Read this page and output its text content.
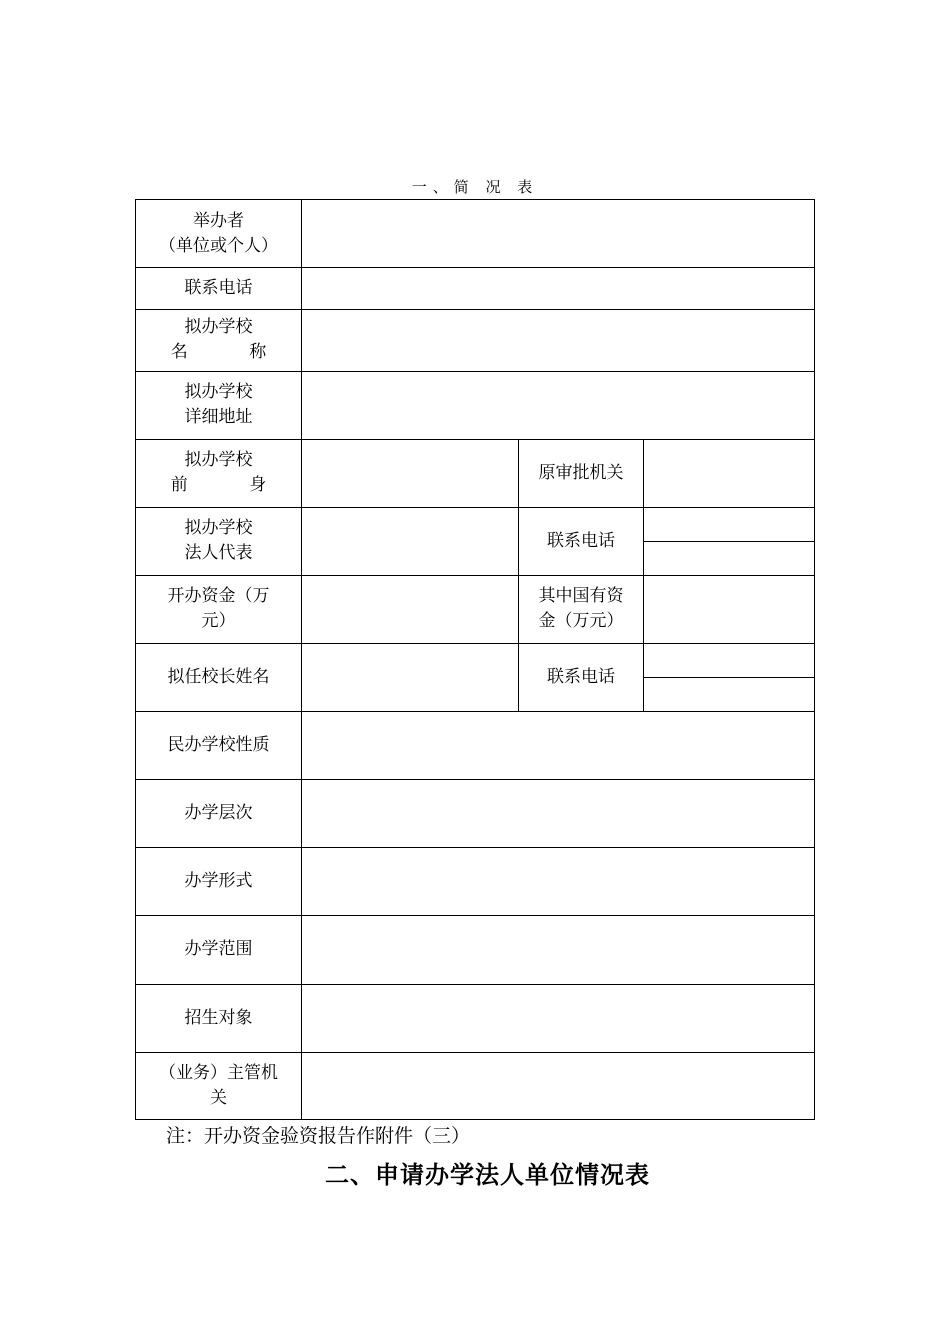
一、简 况 表
举办者
（单位或个人）
联系电话
拟办学校
名 称
拟办学校
详细地址
拟办学校
前 身
原审批机关
拟办学校
法人代表
联系电话
开办资金（万
元）
其中国有资
金（万元）
拟任校长姓名	联系电话
民办学校性质
办学层次
办学形式
办学范围
招生对象
（业务）主管机
关
注：开办资金验资报告作附件（三）
二、申请办学法人单位情况表
